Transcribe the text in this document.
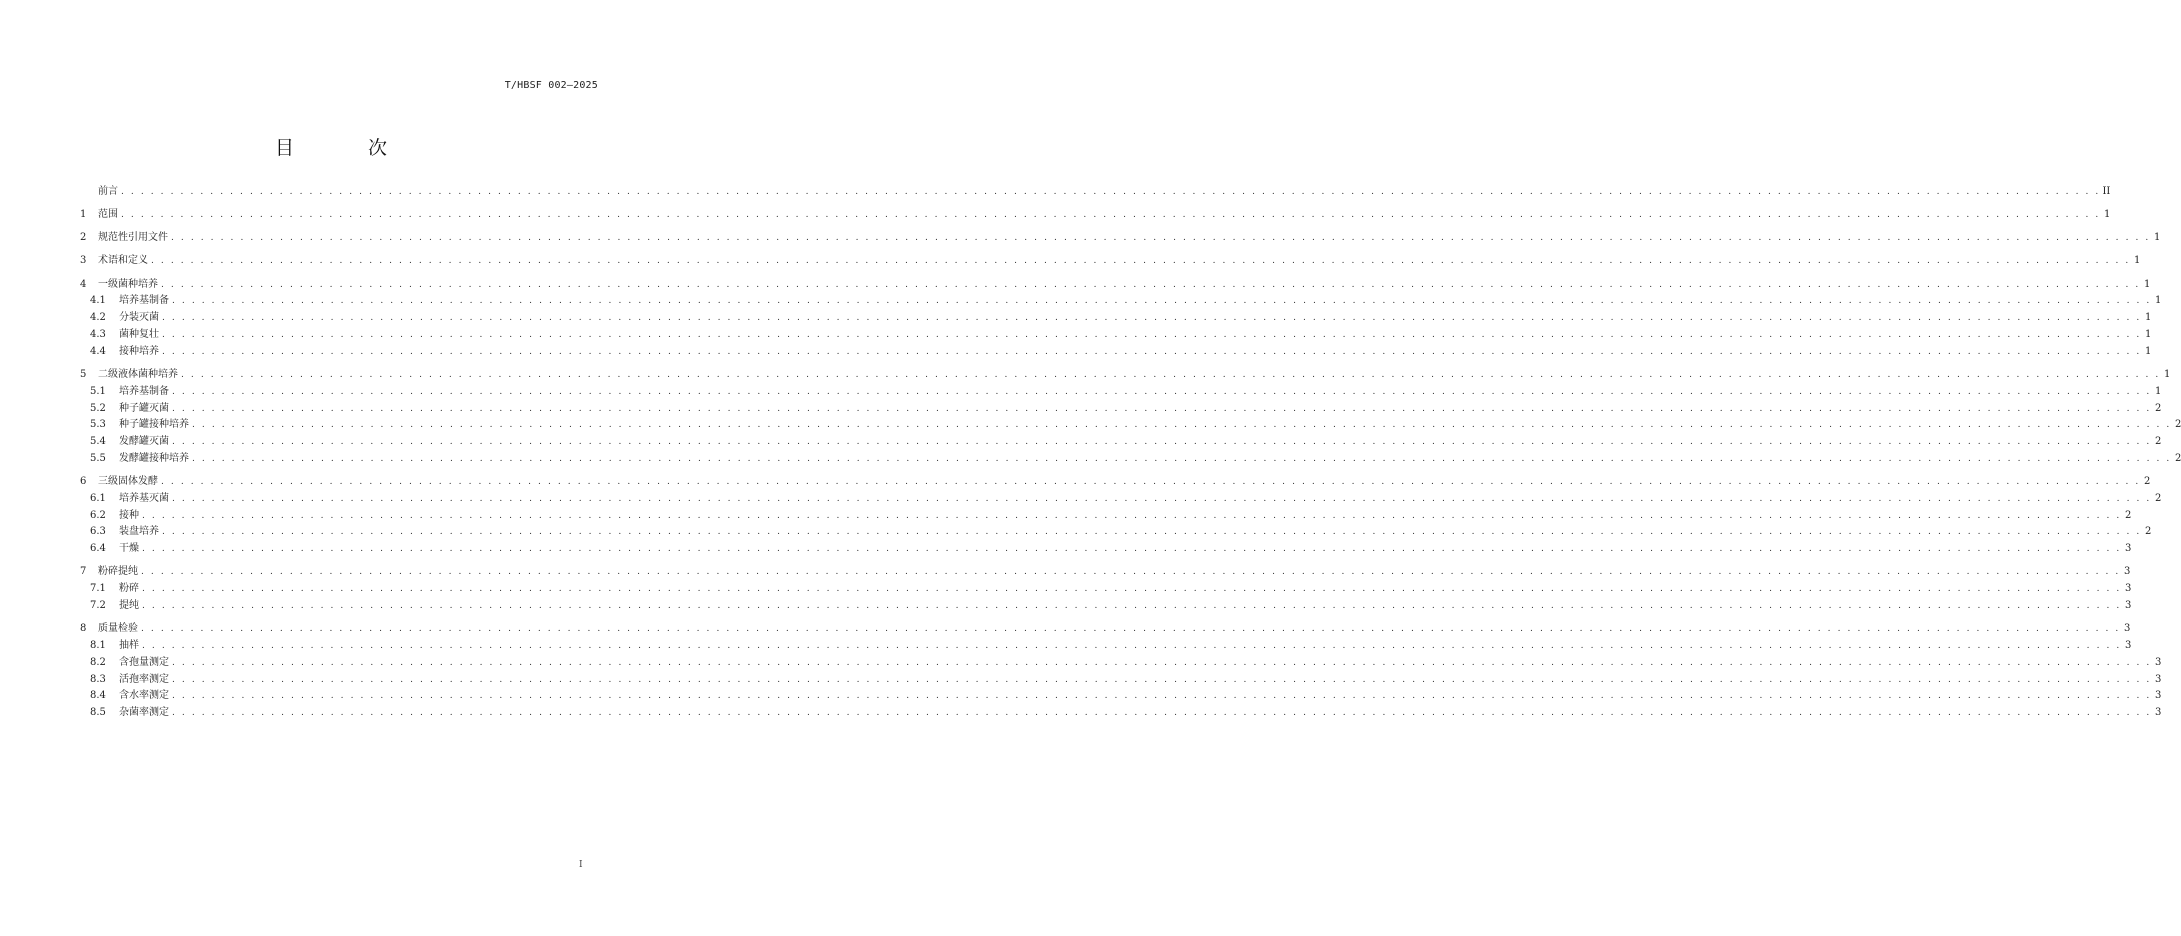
T/HBSF 002—2025
目 次
前言 . . . . . . . . . . . . . . . . . . . . . . . . . . . . . . . . . . . . . . . . . . . . . . . . . . . . . . . . . . . . . . . . . . . . . . . . . . . . . . . . . . . . . . . . . . . . . . . . . . . . . . . . . . . . . . . . . . . . . . . . . . . . . . . . . . . . . . . . . . . . . . . . . . . . . . . . . . . . . . . . . . . . . . . . . . . . . . . . . . . . . . . . . . . . . . . . . . . . . . . . II
1	范围 . . . . . . . . . . . . . . . . . . . . . . . . . . . . . . . . . . . . . . . . . . . . . . . . . . . . . . . . . . . . . . . . . . . . . . . . . . . . . . . . . . . . . . . . . . . . . . . . . . . . . . . . . . . . . . . . . . . . . . . . . . . . . . . . . . . . . . . . . . . . . . . . . . . . . . . . . . . . . . . . . . . . . . . . . . . . . . . . . . . . . . . . . . . . . . . . . . . . . . . . 1
2	规范性引用文件 . . . . . . . . . . . . . . . . . . . . . . . . . . . . . . . . . . . . . . . . . . . . . . . . . . . . . . . . . . . . . . . . . . . . . . . . . . . . . . . . . . . . . . . . . . . . . . . . . . . . . . . . . . . . . . . . . . . . . . . . . . . . . . . . . . . . . . . . . . . . . . . . . . . . . . . . . . . . . . . . . . . . . . . . . . . . . . . . . . . . . . . . . . . . . . . . . . . . . . . . 1
3	术语和定义 . . . . . . . . . . . . . . . . . . . . . . . . . . . . . . . . . . . . . . . . . . . . . . . . . . . . . . . . . . . . . . . . . . . . . . . . . . . . . . . . . . . . . . . . . . . . . . . . . . . . . . . . . . . . . . . . . . . . . . . . . . . . . . . . . . . . . . . . . . . . . . . . . . . . . . . . . . . . . . . . . . . . . . . . . . . . . . . . . . . . . . . . . . . . . . . . . . . . . . . . 1
4	一级菌种培养 . . . . . . . . . . . . . . . . . . . . . . . . . . . . . . . . . . . . . . . . . . . . . . . . . . . . . . . . . . . . . . . . . . . . . . . . . . . . . . . . . . . . . . . . . . . . . . . . . . . . . . . . . . . . . . . . . . . . . . . . . . . . . . . . . . . . . . . . . . . . . . . . . . . . . . . . . . . . . . . . . . . . . . . . . . . . . . . . . . . . . . . . . . . . . . . . . . . . . . . . 1
4.1	培养基制备 . . . . . . . . . . . . . . . . . . . . . . . . . . . . . . . . . . . . . . . . . . . . . . . . . . . . . . . . . . . . . . . . . . . . . . . . . . . . . . . . . . . . . . . . . . . . . . . . . . . . . . . . . . . . . . . . . . . . . . . . . . . . . . . . . . . . . . . . . . . . . . . . . . . . . . . . . . . . . . . . . . . . . . . . . . . . . . . . . . . . . . . . . . . . . . . . . . . . . . . . 1
4.2	分装灭菌 . . . . . . . . . . . . . . . . . . . . . . . . . . . . . . . . . . . . . . . . . . . . . . . . . . . . . . . . . . . . . . . . . . . . . . . . . . . . . . . . . . . . . . . . . . . . . . . . . . . . . . . . . . . . . . . . . . . . . . . . . . . . . . . . . . . . . . . . . . . . . . . . . . . . . . . . . . . . . . . . . . . . . . . . . . . . . . . . . . . . . . . . . . . . . . . . . . . . . . . . 1
4.3	菌种复壮 . . . . . . . . . . . . . . . . . . . . . . . . . . . . . . . . . . . . . . . . . . . . . . . . . . . . . . . . . . . . . . . . . . . . . . . . . . . . . . . . . . . . . . . . . . . . . . . . . . . . . . . . . . . . . . . . . . . . . . . . . . . . . . . . . . . . . . . . . . . . . . . . . . . . . . . . . . . . . . . . . . . . . . . . . . . . . . . . . . . . . . . . . . . . . . . . . . . . . . . . 1
4.4	接种培养 . . . . . . . . . . . . . . . . . . . . . . . . . . . . . . . . . . . . . . . . . . . . . . . . . . . . . . . . . . . . . . . . . . . . . . . . . . . . . . . . . . . . . . . . . . . . . . . . . . . . . . . . . . . . . . . . . . . . . . . . . . . . . . . . . . . . . . . . . . . . . . . . . . . . . . . . . . . . . . . . . . . . . . . . . . . . . . . . . . . . . . . . . . . . . . . . . . . . . . . . 1
5	二级液体菌种培养 . . . . . . . . . . . . . . . . . . . . . . . . . . . . . . . . . . . . . . . . . . . . . . . . . . . . . . . . . . . . . . . . . . . . . . . . . . . . . . . . . . . . . . . . . . . . . . . . . . . . . . . . . . . . . . . . . . . . . . . . . . . . . . . . . . . . . . . . . . . . . . . . . . . . . . . . . . . . . . . . . . . . . . . . . . . . . . . . . . . . . . . . . . . . . . . . . . . . . . . . 1
5.1	培养基制备 . . . . . . . . . . . . . . . . . . . . . . . . . . . . . . . . . . . . . . . . . . . . . . . . . . . . . . . . . . . . . . . . . . . . . . . . . . . . . . . . . . . . . . . . . . . . . . . . . . . . . . . . . . . . . . . . . . . . . . . . . . . . . . . . . . . . . . . . . . . . . . . . . . . . . . . . . . . . . . . . . . . . . . . . . . . . . . . . . . . . . . . . . . . . . . . . . . . . . . . . 1
5.2	种子罐灭菌 . . . . . . . . . . . . . . . . . . . . . . . . . . . . . . . . . . . . . . . . . . . . . . . . . . . . . . . . . . . . . . . . . . . . . . . . . . . . . . . . . . . . . . . . . . . . . . . . . . . . . . . . . . . . . . . . . . . . . . . . . . . . . . . . . . . . . . . . . . . . . . . . . . . . . . . . . . . . . . . . . . . . . . . . . . . . . . . . . . . . . . . . . . . . . . . . . . . . . . . . 2
5.3	种子罐接种培养 . . . . . . . . . . . . . . . . . . . . . . . . . . . . . . . . . . . . . . . . . . . . . . . . . . . . . . . . . . . . . . . . . . . . . . . . . . . . . . . . . . . . . . . . . . . . . . . . . . . . . . . . . . . . . . . . . . . . . . . . . . . . . . . . . . . . . . . . . . . . . . . . . . . . . . . . . . . . . . . . . . . . . . . . . . . . . . . . . . . . . . . . . . . . . . . . . . . . . . . . 2
5.4	发酵罐灭菌 . . . . . . . . . . . . . . . . . . . . . . . . . . . . . . . . . . . . . . . . . . . . . . . . . . . . . . . . . . . . . . . . . . . . . . . . . . . . . . . . . . . . . . . . . . . . . . . . . . . . . . . . . . . . . . . . . . . . . . . . . . . . . . . . . . . . . . . . . . . . . . . . . . . . . . . . . . . . . . . . . . . . . . . . . . . . . . . . . . . . . . . . . . . . . . . . . . . . . . . . 2
5.5	发酵罐接种培养 . . . . . . . . . . . . . . . . . . . . . . . . . . . . . . . . . . . . . . . . . . . . . . . . . . . . . . . . . . . . . . . . . . . . . . . . . . . . . . . . . . . . . . . . . . . . . . . . . . . . . . . . . . . . . . . . . . . . . . . . . . . . . . . . . . . . . . . . . . . . . . . . . . . . . . . . . . . . . . . . . . . . . . . . . . . . . . . . . . . . . . . . . . . . . . . . . . . . . . . . 2
6	三级固体发酵 . . . . . . . . . . . . . . . . . . . . . . . . . . . . . . . . . . . . . . . . . . . . . . . . . . . . . . . . . . . . . . . . . . . . . . . . . . . . . . . . . . . . . . . . . . . . . . . . . . . . . . . . . . . . . . . . . . . . . . . . . . . . . . . . . . . . . . . . . . . . . . . . . . . . . . . . . . . . . . . . . . . . . . . . . . . . . . . . . . . . . . . . . . . . . . . . . . . . . . . . 2
6.1	培养基灭菌 . . . . . . . . . . . . . . . . . . . . . . . . . . . . . . . . . . . . . . . . . . . . . . . . . . . . . . . . . . . . . . . . . . . . . . . . . . . . . . . . . . . . . . . . . . . . . . . . . . . . . . . . . . . . . . . . . . . . . . . . . . . . . . . . . . . . . . . . . . . . . . . . . . . . . . . . . . . . . . . . . . . . . . . . . . . . . . . . . . . . . . . . . . . . . . . . . . . . . . . . 2
6.2	接种 . . . . . . . . . . . . . . . . . . . . . . . . . . . . . . . . . . . . . . . . . . . . . . . . . . . . . . . . . . . . . . . . . . . . . . . . . . . . . . . . . . . . . . . . . . . . . . . . . . . . . . . . . . . . . . . . . . . . . . . . . . . . . . . . . . . . . . . . . . . . . . . . . . . . . . . . . . . . . . . . . . . . . . . . . . . . . . . . . . . . . . . . . . . . . . . . . . . . . . . . 2
6.3	装盘培养 . . . . . . . . . . . . . . . . . . . . . . . . . . . . . . . . . . . . . . . . . . . . . . . . . . . . . . . . . . . . . . . . . . . . . . . . . . . . . . . . . . . . . . . . . . . . . . . . . . . . . . . . . . . . . . . . . . . . . . . . . . . . . . . . . . . . . . . . . . . . . . . . . . . . . . . . . . . . . . . . . . . . . . . . . . . . . . . . . . . . . . . . . . . . . . . . . . . . . . . . 2
6.4	干燥 . . . . . . . . . . . . . . . . . . . . . . . . . . . . . . . . . . . . . . . . . . . . . . . . . . . . . . . . . . . . . . . . . . . . . . . . . . . . . . . . . . . . . . . . . . . . . . . . . . . . . . . . . . . . . . . . . . . . . . . . . . . . . . . . . . . . . . . . . . . . . . . . . . . . . . . . . . . . . . . . . . . . . . . . . . . . . . . . . . . . . . . . . . . . . . . . . . . . . . . . 3
7	粉碎提纯 . . . . . . . . . . . . . . . . . . . . . . . . . . . . . . . . . . . . . . . . . . . . . . . . . . . . . . . . . . . . . . . . . . . . . . . . . . . . . . . . . . . . . . . . . . . . . . . . . . . . . . . . . . . . . . . . . . . . . . . . . . . . . . . . . . . . . . . . . . . . . . . . . . . . . . . . . . . . . . . . . . . . . . . . . . . . . . . . . . . . . . . . . . . . . . . . . . . . . . . . 3
7.1	粉碎 . . . . . . . . . . . . . . . . . . . . . . . . . . . . . . . . . . . . . . . . . . . . . . . . . . . . . . . . . . . . . . . . . . . . . . . . . . . . . . . . . . . . . . . . . . . . . . . . . . . . . . . . . . . . . . . . . . . . . . . . . . . . . . . . . . . . . . . . . . . . . . . . . . . . . . . . . . . . . . . . . . . . . . . . . . . . . . . . . . . . . . . . . . . . . . . . . . . . . . . . 3
7.2	提纯 . . . . . . . . . . . . . . . . . . . . . . . . . . . . . . . . . . . . . . . . . . . . . . . . . . . . . . . . . . . . . . . . . . . . . . . . . . . . . . . . . . . . . . . . . . . . . . . . . . . . . . . . . . . . . . . . . . . . . . . . . . . . . . . . . . . . . . . . . . . . . . . . . . . . . . . . . . . . . . . . . . . . . . . . . . . . . . . . . . . . . . . . . . . . . . . . . . . . . . . . 3
8	质量检验 . . . . . . . . . . . . . . . . . . . . . . . . . . . . . . . . . . . . . . . . . . . . . . . . . . . . . . . . . . . . . . . . . . . . . . . . . . . . . . . . . . . . . . . . . . . . . . . . . . . . . . . . . . . . . . . . . . . . . . . . . . . . . . . . . . . . . . . . . . . . . . . . . . . . . . . . . . . . . . . . . . . . . . . . . . . . . . . . . . . . . . . . . . . . . . . . . . . . . . . . 3
8.1	抽样 . . . . . . . . . . . . . . . . . . . . . . . . . . . . . . . . . . . . . . . . . . . . . . . . . . . . . . . . . . . . . . . . . . . . . . . . . . . . . . . . . . . . . . . . . . . . . . . . . . . . . . . . . . . . . . . . . . . . . . . . . . . . . . . . . . . . . . . . . . . . . . . . . . . . . . . . . . . . . . . . . . . . . . . . . . . . . . . . . . . . . . . . . . . . . . . . . . . . . . . . 3
8.2	含孢量测定 . . . . . . . . . . . . . . . . . . . . . . . . . . . . . . . . . . . . . . . . . . . . . . . . . . . . . . . . . . . . . . . . . . . . . . . . . . . . . . . . . . . . . . . . . . . . . . . . . . . . . . . . . . . . . . . . . . . . . . . . . . . . . . . . . . . . . . . . . . . . . . . . . . . . . . . . . . . . . . . . . . . . . . . . . . . . . . . . . . . . . . . . . . . . . . . . . . . . . . . . 3
8.3	活孢率测定 . . . . . . . . . . . . . . . . . . . . . . . . . . . . . . . . . . . . . . . . . . . . . . . . . . . . . . . . . . . . . . . . . . . . . . . . . . . . . . . . . . . . . . . . . . . . . . . . . . . . . . . . . . . . . . . . . . . . . . . . . . . . . . . . . . . . . . . . . . . . . . . . . . . . . . . . . . . . . . . . . . . . . . . . . . . . . . . . . . . . . . . . . . . . . . . . . . . . . . . . 3
8.4	含水率测定 . . . . . . . . . . . . . . . . . . . . . . . . . . . . . . . . . . . . . . . . . . . . . . . . . . . . . . . . . . . . . . . . . . . . . . . . . . . . . . . . . . . . . . . . . . . . . . . . . . . . . . . . . . . . . . . . . . . . . . . . . . . . . . . . . . . . . . . . . . . . . . . . . . . . . . . . . . . . . . . . . . . . . . . . . . . . . . . . . . . . . . . . . . . . . . . . . . . . . . . . 3
8.5	杂菌率测定 . . . . . . . . . . . . . . . . . . . . . . . . . . . . . . . . . . . . . . . . . . . . . . . . . . . . . . . . . . . . . . . . . . . . . . . . . . . . . . . . . . . . . . . . . . . . . . . . . . . . . . . . . . . . . . . . . . . . . . . . . . . . . . . . . . . . . . . . . . . . . . . . . . . . . . . . . . . . . . . . . . . . . . . . . . . . . . . . . . . . . . . . . . . . . . . . . . . . . . . . 3
I
